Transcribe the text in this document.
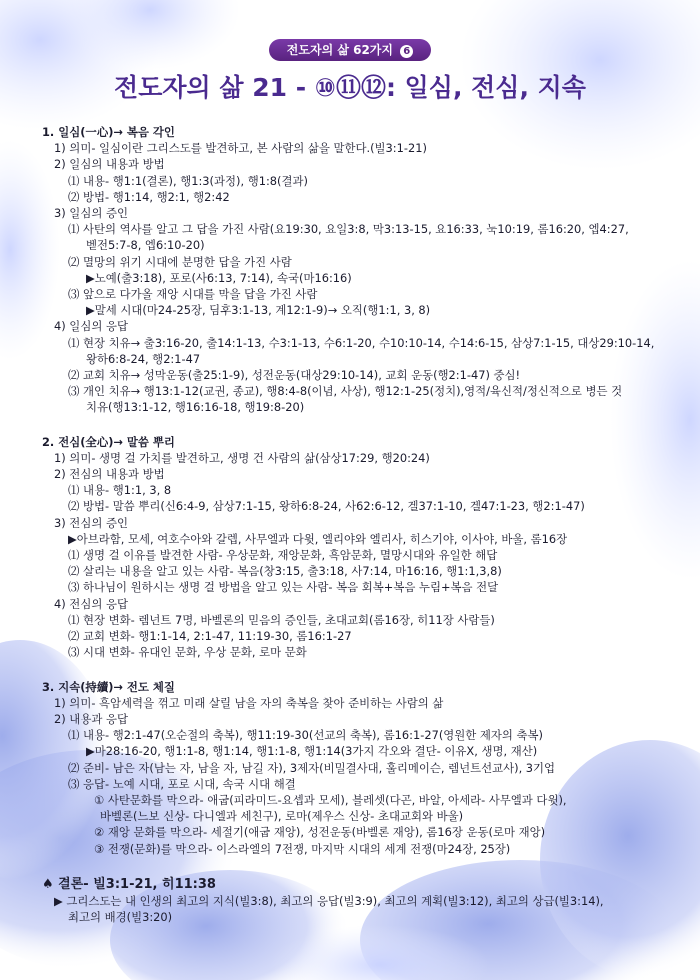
전도자의 삶 62가지 6
전도자의 삶 21 - ⑩⑪⑫: 일심, 전심, 지속
1. 일심(一心)→ 복음 각인
1) 의미- 일심이란 그리스도를 발견하고, 본 사람의 삶을 말한다.(빌3:1-21)
2) 일심의 내용과 방법
⑴ 내용- 행1:1(결론), 행1:3(과정), 행1:8(결과)
⑵ 방법- 행1:14, 행2:1, 행2:42
3) 일심의 증인
⑴ 사탄의 역사를 알고 그 답을 가진 사람(요19:30, 요일3:8, 막3:13-15, 요16:33, 눅10:19, 롬16:20, 엡4:27,
벧전5:7-8, 엡6:10-20)
⑵ 멸망의 위기 시대에 분명한 답을 가진 사람
▶노예(출3:18), 포로(사6:13, 7:14), 속국(마16:16)
⑶ 앞으로 다가올 재앙 시대를 막을 답을 가진 사람
▶말세 시대(마24-25장, 딤후3:1-13, 계12:1-9)→ 오직(행1:1, 3, 8)
4) 일심의 응답
⑴ 현장 치유→ 출3:16-20, 출14:1-13, 수3:1-13, 수6:1-20, 수10:10-14, 수14:6-15, 삼상7:1-15, 대상29:10-14,
왕하6:8-24, 행2:1-47
⑵ 교회 치유→ 성막운동(출25:1-9), 성전운동(대상29:10-14), 교회 운동(행2:1-47) 중심!
⑶ 개인 치유→ 행13:1-12(교권, 종교), 행8:4-8(이념, 사상), 행12:1-25(정치),영적/육신적/정신적으로 병든 것
치유(행13:1-12, 행16:16-18, 행19:8-20)
2. 전심(全心)→ 말씀 뿌리
1) 의미- 생명 걸 가치를 발견하고, 생명 건 사람의 삶(삼상17:29, 행20:24)
2) 전심의 내용과 방법
⑴ 내용- 행1:1, 3, 8
⑵ 방법- 말씀 뿌리(신6:4-9, 삼상7:1-15, 왕하6:8-24, 사62:6-12, 겔37:1-10, 겔47:1-23, 행2:1-47)
3) 전심의 증인
▶아브라함, 모세, 여호수아와 갈렙, 사무엘과 다윗, 엘리야와 엘리사, 히스기야, 이사야, 바울, 롬16장
⑴ 생명 걸 이유를 발견한 사람- 우상문화, 재앙문화, 흑암문화, 멸망시대와 유일한 해답
⑵ 살리는 내용을 알고 있는 사람- 복음(창3:15, 출3:18, 사7:14, 마16:16, 행1:1,3,8)
⑶ 하나님이 원하시는 생명 걸 방법을 알고 있는 사람- 복음 회복+복음 누림+복음 전달
4) 전심의 응답
⑴ 현장 변화- 렘넌트 7명, 바벨론의 믿음의 증인들, 초대교회(롬16장, 히11장 사람들)
⑵ 교회 변화- 행1:1-14, 2:1-47, 11:19-30, 롬16:1-27
⑶ 시대 변화- 유대인 문화, 우상 문화, 로마 문화
3. 지속(持續)→ 전도 체질
1) 의미- 흑암세력을 꺾고 미래 살릴 남을 자의 축복을 찾아 준비하는 사람의 삶
2) 내용과 응답
⑴ 내용- 행2:1-47(오순절의 축복), 행11:19-30(선교의 축복), 롬16:1-27(영원한 제자의 축복)
▶마28:16-20, 행1:1-8, 행1:14, 행1:1-8, 행1:14(3가지 각오와 결단- 이유X, 생명, 재산)
⑵ 준비- 남은 자(남는 자, 남을 자, 남길 자), 3제자(비밀결사대, 훌리메이슨, 렘넌트선교사), 3기업
⑶ 응답- 노예 시대, 포로 시대, 속국 시대 해결
① 사탄문화를 막으라- 애굽(피라미드-요셉과 모세), 블레셋(다곤, 바알, 아세라- 사무엘과 다윗),
바벨론(느보 신상- 다니엘과 세친구), 로마(제우스 신상- 초대교회와 바울)
② 재앙 문화를 막으라- 세절기(애굽 재앙), 성전운동(바벨론 재앙), 롬16장 운동(로마 재앙)
③ 전쟁(문화)를 막으라- 이스라엘의 7전쟁, 마지막 시대의 세계 전쟁(마24장, 25장)
♠ 결론- 빌3:1-21, 히11:38
▶ 그리스도는 내 인생의 최고의 지식(빌3:8), 최고의 응답(빌3:9), 최고의 계획(빌3:12), 최고의 상급(빌3:14),
최고의 배경(빌3:20)
